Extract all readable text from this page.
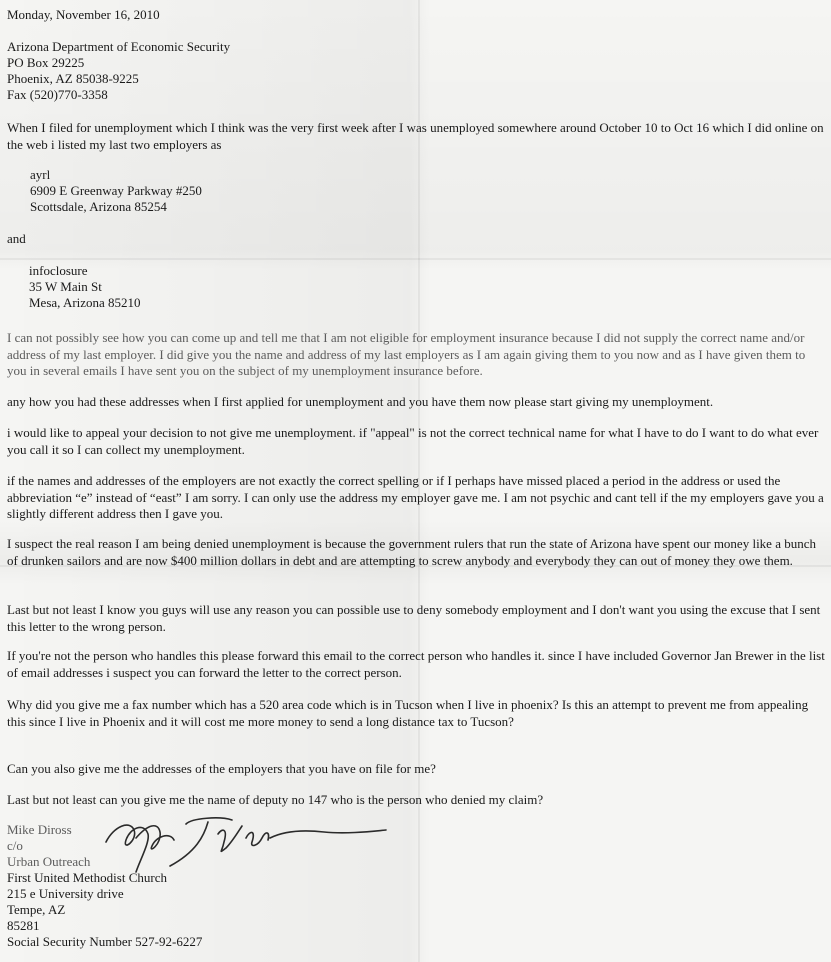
Monday, November 16, 2010

Arizona Department of Economic Security

PO Box 29225

Phoenix, AZ 85038-9225

Fax (520)770-3358

When I filed for unemployment which I think was the very first week after I was unemployed somewhere around October 10 to Oct 16 which I did online on the web i listed my last two employers as

ayrl

6909 E Greenway Parkway #250

Scottsdale, Arizona 85254

and

infoclosure

35 W Main St

Mesa, Arizona 85210

I can not possibly see how you can come up and tell me that I am not eligible for employment insurance because I did not supply the correct name and/or address of my last employer. I did give you the name and address of my last employers as I am again giving them to you now and as I have given them to you in several emails I have sent you on the subject of my unemployment insurance before.

any how you had these addresses when I first applied for unemployment and you have them now please start giving my unemployment.

i would like to appeal your decision to not give me unemployment. if "appeal" is not the correct technical name for what I have to do I want to do what ever you call it so I can collect my unemployment.

if the names and addresses of the employers are not exactly the correct spelling or if I perhaps have missed placed a period in the address or used the abbreviation “e” instead of “east” I am sorry. I can only use the address my employer gave me. I am not psychic and cant tell if the my employers gave you a slightly different address then I gave you.

I suspect the real reason I am being denied unemployment is because the government rulers that run the state of Arizona have spent our money like a bunch of drunken sailors and are now $400 million dollars in debt and are attempting to screw anybody and everybody they can out of money they owe them.

Last but not least I know you guys will use any reason you can possible use to deny somebody employment and I don't want you using the excuse that I sent this letter to the wrong person.

If you're not the person who handles this please forward this email to the correct person who handles it. since I have included Governor Jan Brewer in the list of email addresses i suspect you can forward the letter to the correct person.

Why did you give me a fax number which has a 520 area code which is in Tucson when I live in phoenix? Is this an attempt to prevent me from appealing this since I live in Phoenix and it will cost me more money to send a long distance tax to Tucson?

Can you also give me the addresses of the employers that you have on file for me?

Last but not least can you give me the name of deputy no 147 who is the person who denied my claim?

Mike Diross

c/o

Urban Outreach

First United Methodist Church

215 e University drive

Tempe, AZ

85281

Social Security Number 527-92-6227
